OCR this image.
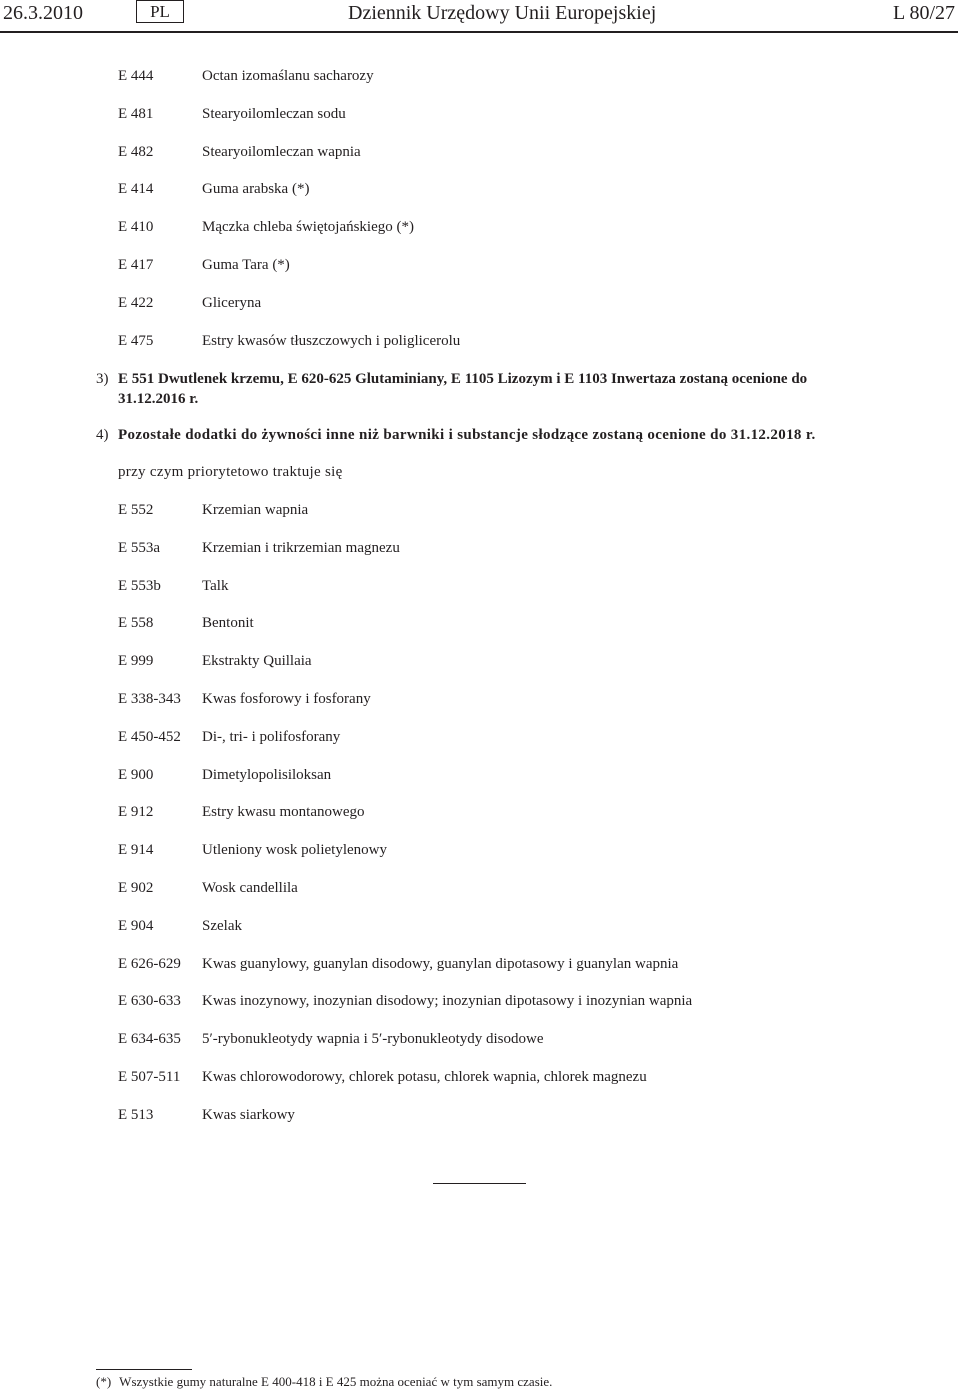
26.3.2010	PL	Dziennik Urzędowy Unii Europejskiej	L 80/27
E 444	Octan izomaślanu sacharozy
E 481	Stearyoilomleczan sodu
E 482	Stearyoilomleczan wapnia
E 414	Guma arabska (*)
E 410	Mączka chleba świętojańskiego (*)
E 417	Guma Tara (*)
E 422	Gliceryna
E 475	Estry kwasów tłuszczowych i poliglicerolu
3) E 551 Dwutlenek krzemu, E 620-625 Glutaminiany, E 1105 Lizozym i E 1103 Inwertaza zostaną ocenione do
31.12.2016 r.
4) Pozostałe dodatki do żywności inne niż barwniki i substancje słodzące zostaną ocenione do 31.12.2018 r.
przy czym priorytetowo traktuje się
E 552	Krzemian wapnia
E 553a	Krzemian i trikrzemian magnezu
E 553b	Talk
E 558	Bentonit
E 999	Ekstrakty Quillaia
E 338-343	Kwas fosforowy i fosforany
E 450-452	Di-, tri- i polifosforany
E 900	Dimetylopolisiloksan
E 912	Estry kwasu montanowego
E 914	Utleniony wosk polietylenowy
E 902	Wosk candellila
E 904	Szelak
E 626-629	Kwas guanylowy, guanylan disodowy, guanylan dipotasowy i guanylan wapnia
E 630-633	Kwas inozynowy, inozynian disodowy; inozynian dipotasowy i inozynian wapnia
E 634-635	5′-rybonukleotydy wapnia i 5′-rybonukleotydy disodowe
E 507-511	Kwas chlorowodorowy, chlorek potasu, chlorek wapnia, chlorek magnezu
E 513	Kwas siarkowy
(*) Wszystkie gumy naturalne E 400-418 i E 425 można oceniać w tym samym czasie.
